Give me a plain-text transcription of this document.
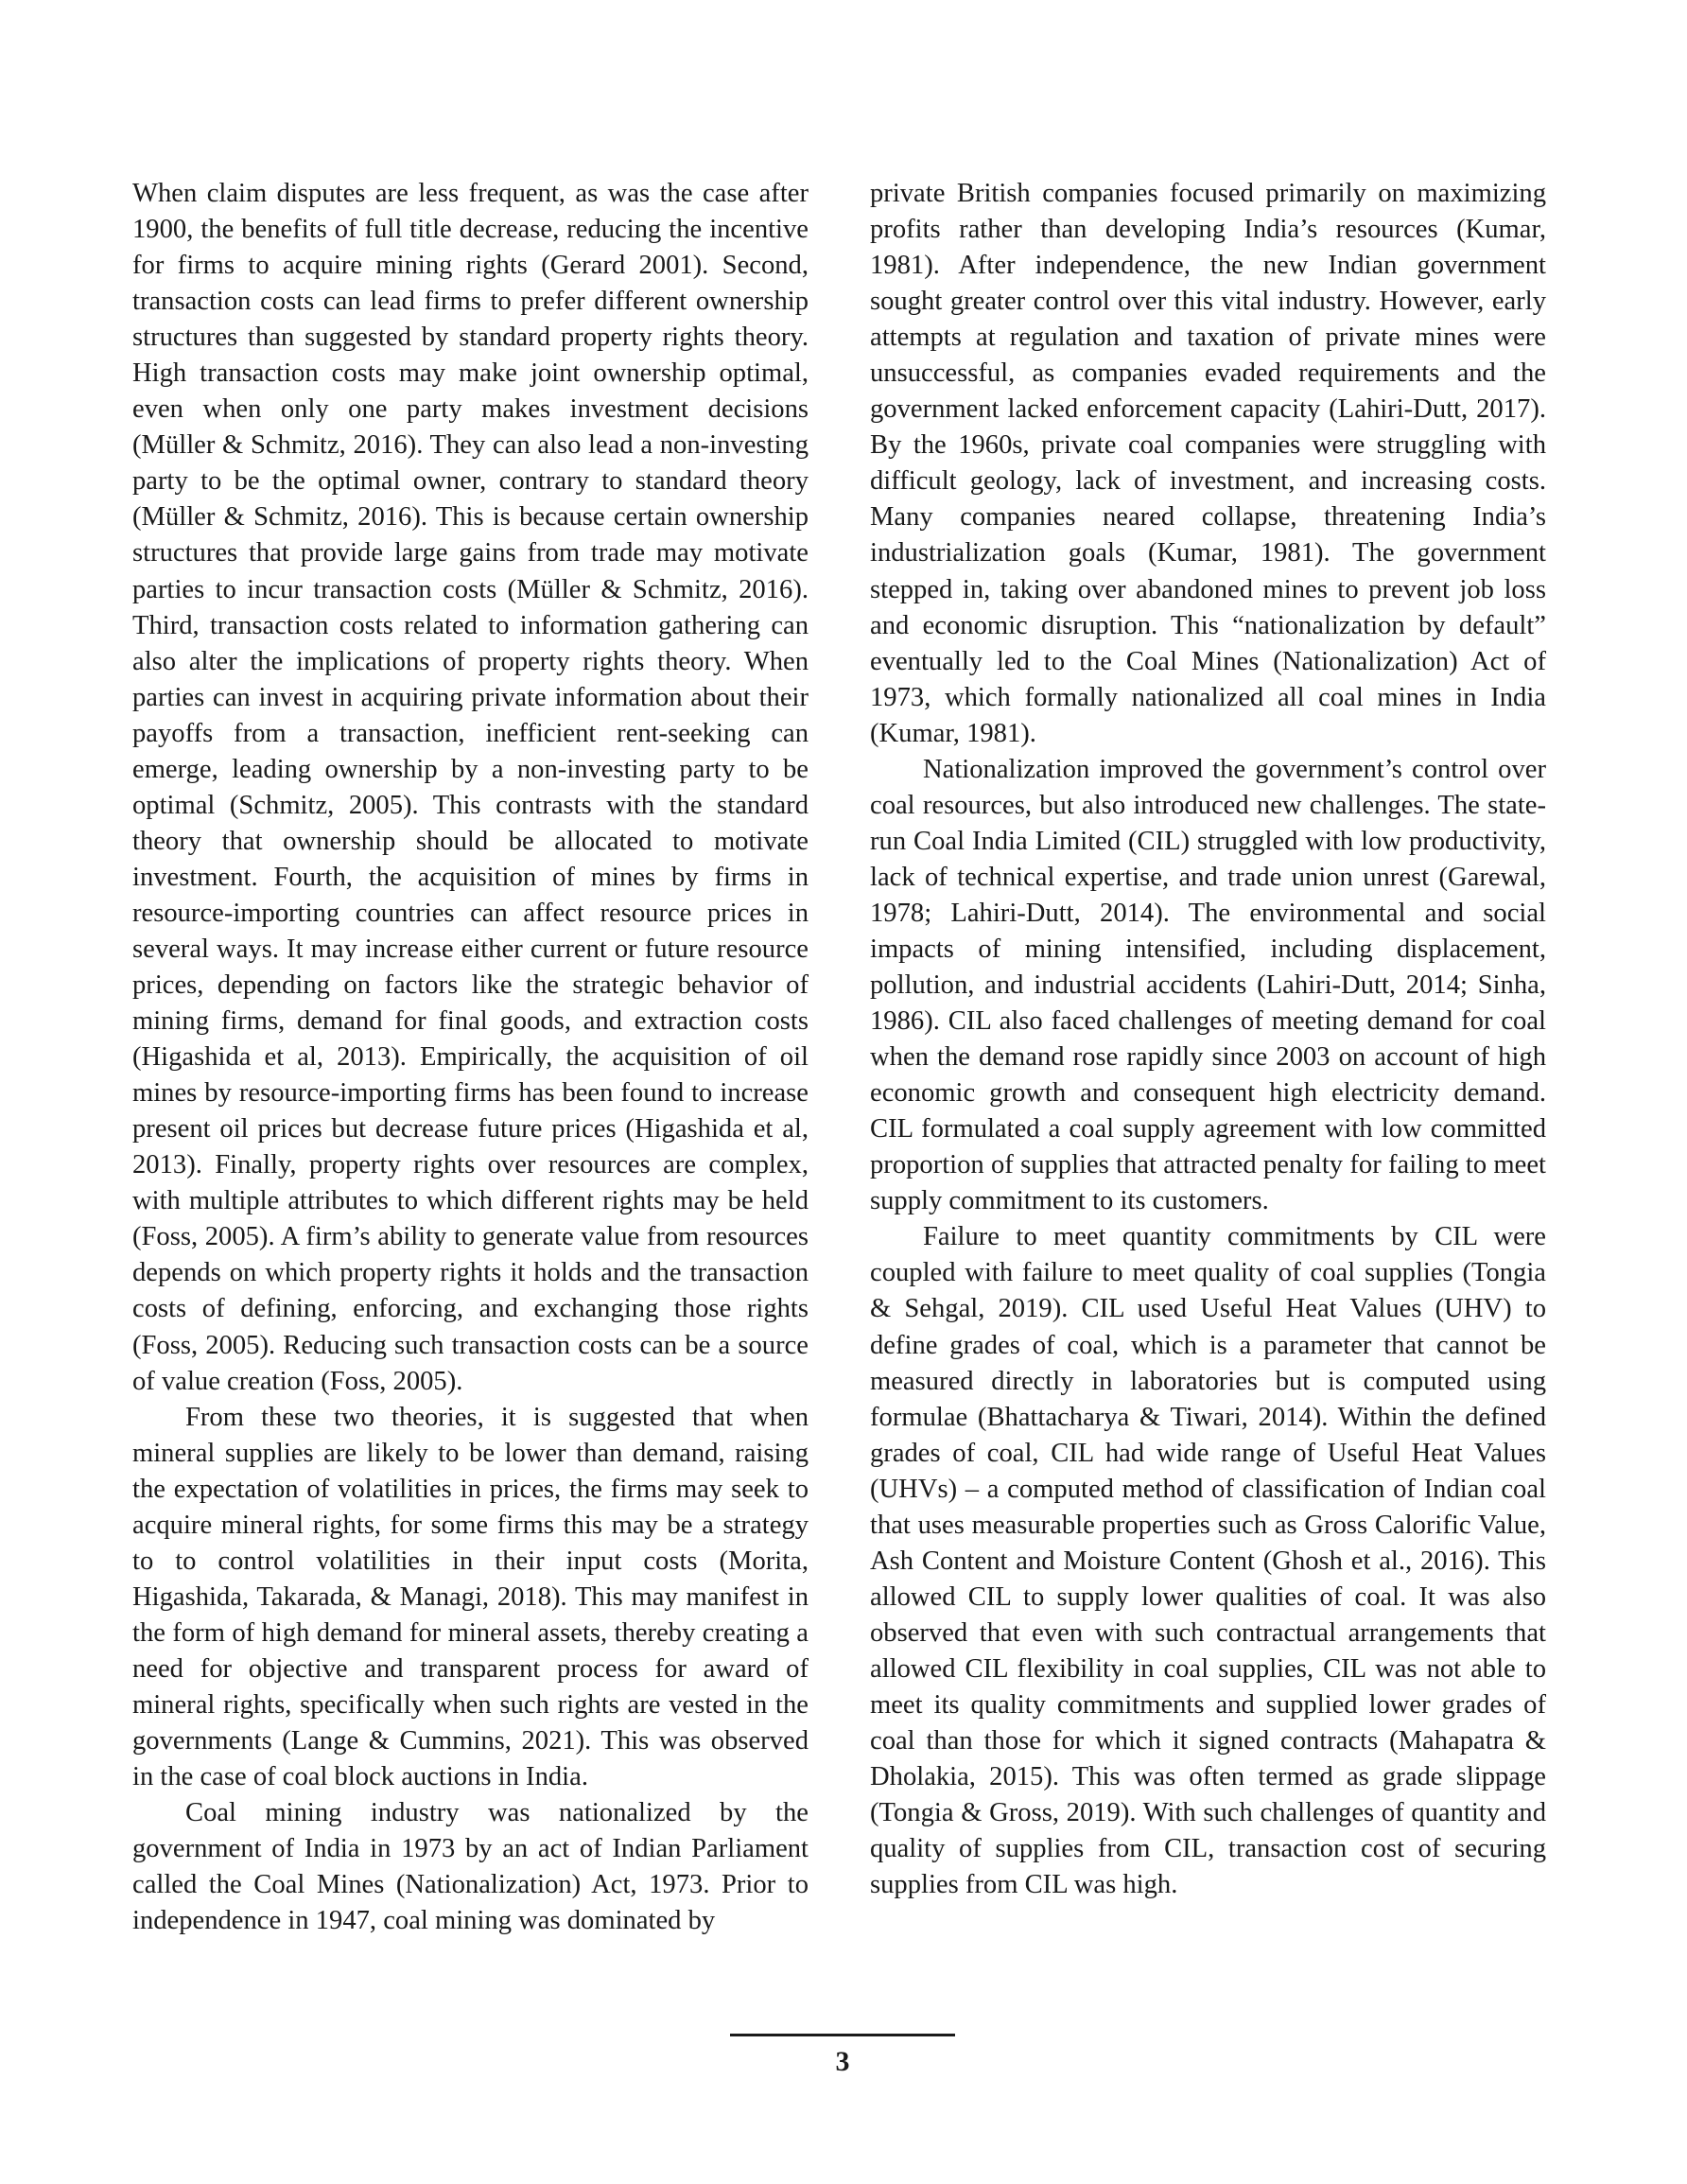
When claim disputes are less frequent, as was the case after 1900, the benefits of full title decrease, reducing the incentive for firms to acquire mining rights (Gerard 2001). Second, transaction costs can lead firms to prefer different ownership structures than suggested by standard property rights theory. High transaction costs may make joint ownership optimal, even when only one party makes investment decisions (Müller & Schmitz, 2016). They can also lead a non-investing party to be the optimal owner, contrary to standard theory (Müller & Schmitz, 2016). This is because certain ownership structures that provide large gains from trade may motivate parties to incur transaction costs (Müller & Schmitz, 2016). Third, transaction costs related to information gathering can also alter the implications of property rights theory. When parties can invest in acquiring private information about their payoffs from a transaction, inefficient rent-seeking can emerge, leading ownership by a non-investing party to be optimal (Schmitz, 2005). This contrasts with the standard theory that ownership should be allocated to motivate investment. Fourth, the acquisition of mines by firms in resource-importing countries can affect resource prices in several ways. It may increase either current or future resource prices, depending on factors like the strategic behavior of mining firms, demand for final goods, and extraction costs (Higashida et al, 2013). Empirically, the acquisition of oil mines by resource-importing firms has been found to increase present oil prices but decrease future prices (Higashida et al, 2013). Finally, property rights over resources are complex, with multiple attributes to which different rights may be held (Foss, 2005). A firm’s ability to generate value from resources depends on which property rights it holds and the transaction costs of defining, enforcing, and exchanging those rights (Foss, 2005). Reducing such transaction costs can be a source of value creation (Foss, 2005).

From these two theories, it is suggested that when mineral supplies are likely to be lower than demand, raising the expectation of volatilities in prices, the firms may seek to acquire mineral rights, for some firms this may be a strategy to to control volatilities in their input costs (Morita, Higashida, Takarada, & Managi, 2018). This may manifest in the form of high demand for mineral assets, thereby creating a need for objective and transparent process for award of mineral rights, specifically when such rights are vested in the governments (Lange & Cummins, 2021). This was observed in the case of coal block auctions in India.

Coal mining industry was nationalized by the government of India in 1973 by an act of Indian Parliament called the Coal Mines (Nationalization) Act, 1973. Prior to independence in 1947, coal mining was dominated by

private British companies focused primarily on maximizing profits rather than developing India’s resources (Kumar, 1981). After independence, the new Indian government sought greater control over this vital industry. However, early attempts at regulation and taxation of private mines were unsuccessful, as companies evaded requirements and the government lacked enforcement capacity (Lahiri-Dutt, 2017). By the 1960s, private coal companies were struggling with difficult geology, lack of investment, and increasing costs. Many companies neared collapse, threatening India’s industrialization goals (Kumar, 1981). The government stepped in, taking over abandoned mines to prevent job loss and economic disruption. This “nationalization by default” eventually led to the Coal Mines (Nationalization) Act of 1973, which formally nationalized all coal mines in India (Kumar, 1981).

Nationalization improved the government’s control over coal resources, but also introduced new challenges. The state-run Coal India Limited (CIL) struggled with low productivity, lack of technical expertise, and trade union unrest (Garewal, 1978; Lahiri-Dutt, 2014). The environmental and social impacts of mining intensified, including displacement, pollution, and industrial accidents (Lahiri-Dutt, 2014; Sinha, 1986). CIL also faced challenges of meeting demand for coal when the demand rose rapidly since 2003 on account of high economic growth and consequent high electricity demand. CIL formulated a coal supply agreement with low committed proportion of supplies that attracted penalty for failing to meet supply commitment to its customers.

Failure to meet quantity commitments by CIL were coupled with failure to meet quality of coal supplies (Tongia & Sehgal, 2019). CIL used Useful Heat Values (UHV) to define grades of coal, which is a parameter that cannot be measured directly in laboratories but is computed using formulae (Bhattacharya & Tiwari, 2014). Within the defined grades of coal, CIL had wide range of Useful Heat Values (UHVs) – a computed method of classification of Indian coal that uses measurable properties such as Gross Calorific Value, Ash Content and Moisture Content (Ghosh et al., 2016). This allowed CIL to supply lower qualities of coal. It was also observed that even with such contractual arrangements that allowed CIL flexibility in coal supplies, CIL was not able to meet its quality commitments and supplied lower grades of coal than those for which it signed contracts (Mahapatra & Dholakia, 2015). This was often termed as grade slippage (Tongia & Gross, 2019). With such challenges of quantity and quality of supplies from CIL, transaction cost of securing supplies from CIL was high.

3
